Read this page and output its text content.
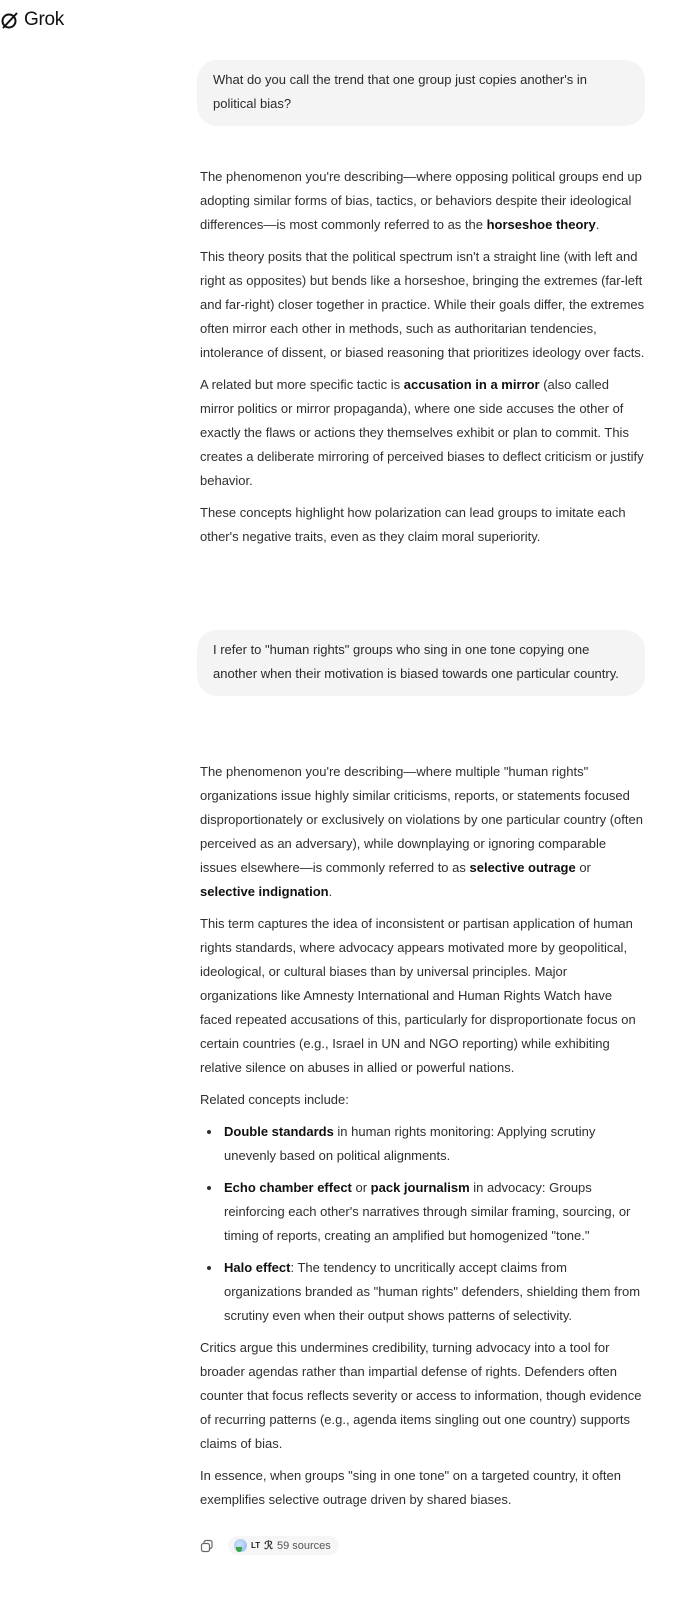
Grok
What do you call the trend that one group just copies another's in political bias?

The phenomenon you're describing—where opposing political groups end up adopting similar forms of bias, tactics, or behaviors despite their ideological differences—is most commonly referred to as the horseshoe theory.

This theory posits that the political spectrum isn't a straight line (with left and right as opposites) but bends like a horseshoe, bringing the extremes (far-left and far-right) closer together in practice. While their goals differ, the extremes often mirror each other in methods, such as authoritarian tendencies, intolerance of dissent, or biased reasoning that prioritizes ideology over facts.

A related but more specific tactic is accusation in a mirror (also called mirror politics or mirror propaganda), where one side accuses the other of exactly the flaws or actions they themselves exhibit or plan to commit. This creates a deliberate mirroring of perceived biases to deflect criticism or justify behavior.

These concepts highlight how polarization can lead groups to imitate each other's negative traits, even as they claim moral superiority.

I refer to "human rights" groups who sing in one tone copying one another when their motivation is biased towards one particular country.

The phenomenon you're describing—where multiple "human rights" organizations issue highly similar criticisms, reports, or statements focused disproportionately or exclusively on violations by one particular country (often perceived as an adversary), while downplaying or ignoring comparable issues elsewhere—is commonly referred to as selective outrage or selective indignation.

This term captures the idea of inconsistent or partisan application of human rights standards, where advocacy appears motivated more by geopolitical, ideological, or cultural biases than by universal principles. Major organizations like Amnesty International and Human Rights Watch have faced repeated accusations of this, particularly for disproportionate focus on certain countries (e.g., Israel in UN and NGO reporting) while exhibiting relative silence on abuses in allied or powerful nations.

Related concepts include:

• Double standards in human rights monitoring: Applying scrutiny unevenly based on political alignments.
• Echo chamber effect or pack journalism in advocacy: Groups reinforcing each other's narratives through similar framing, sourcing, or timing of reports, creating an amplified but homogenized "tone."
• Halo effect: The tendency to uncritically accept claims from organizations branded as "human rights" defenders, shielding them from scrutiny even when their output shows patterns of selectivity.

Critics argue this undermines credibility, turning advocacy into a tool for broader agendas rather than impartial defense of rights. Defenders often counter that focus reflects severity or access to information, though evidence of recurring patterns (e.g., agenda items singling out one country) supports claims of bias.

In essence, when groups "sing in one tone" on a targeted country, it often exemplifies selective outrage driven by shared biases.

LT ℛ 59 sources
